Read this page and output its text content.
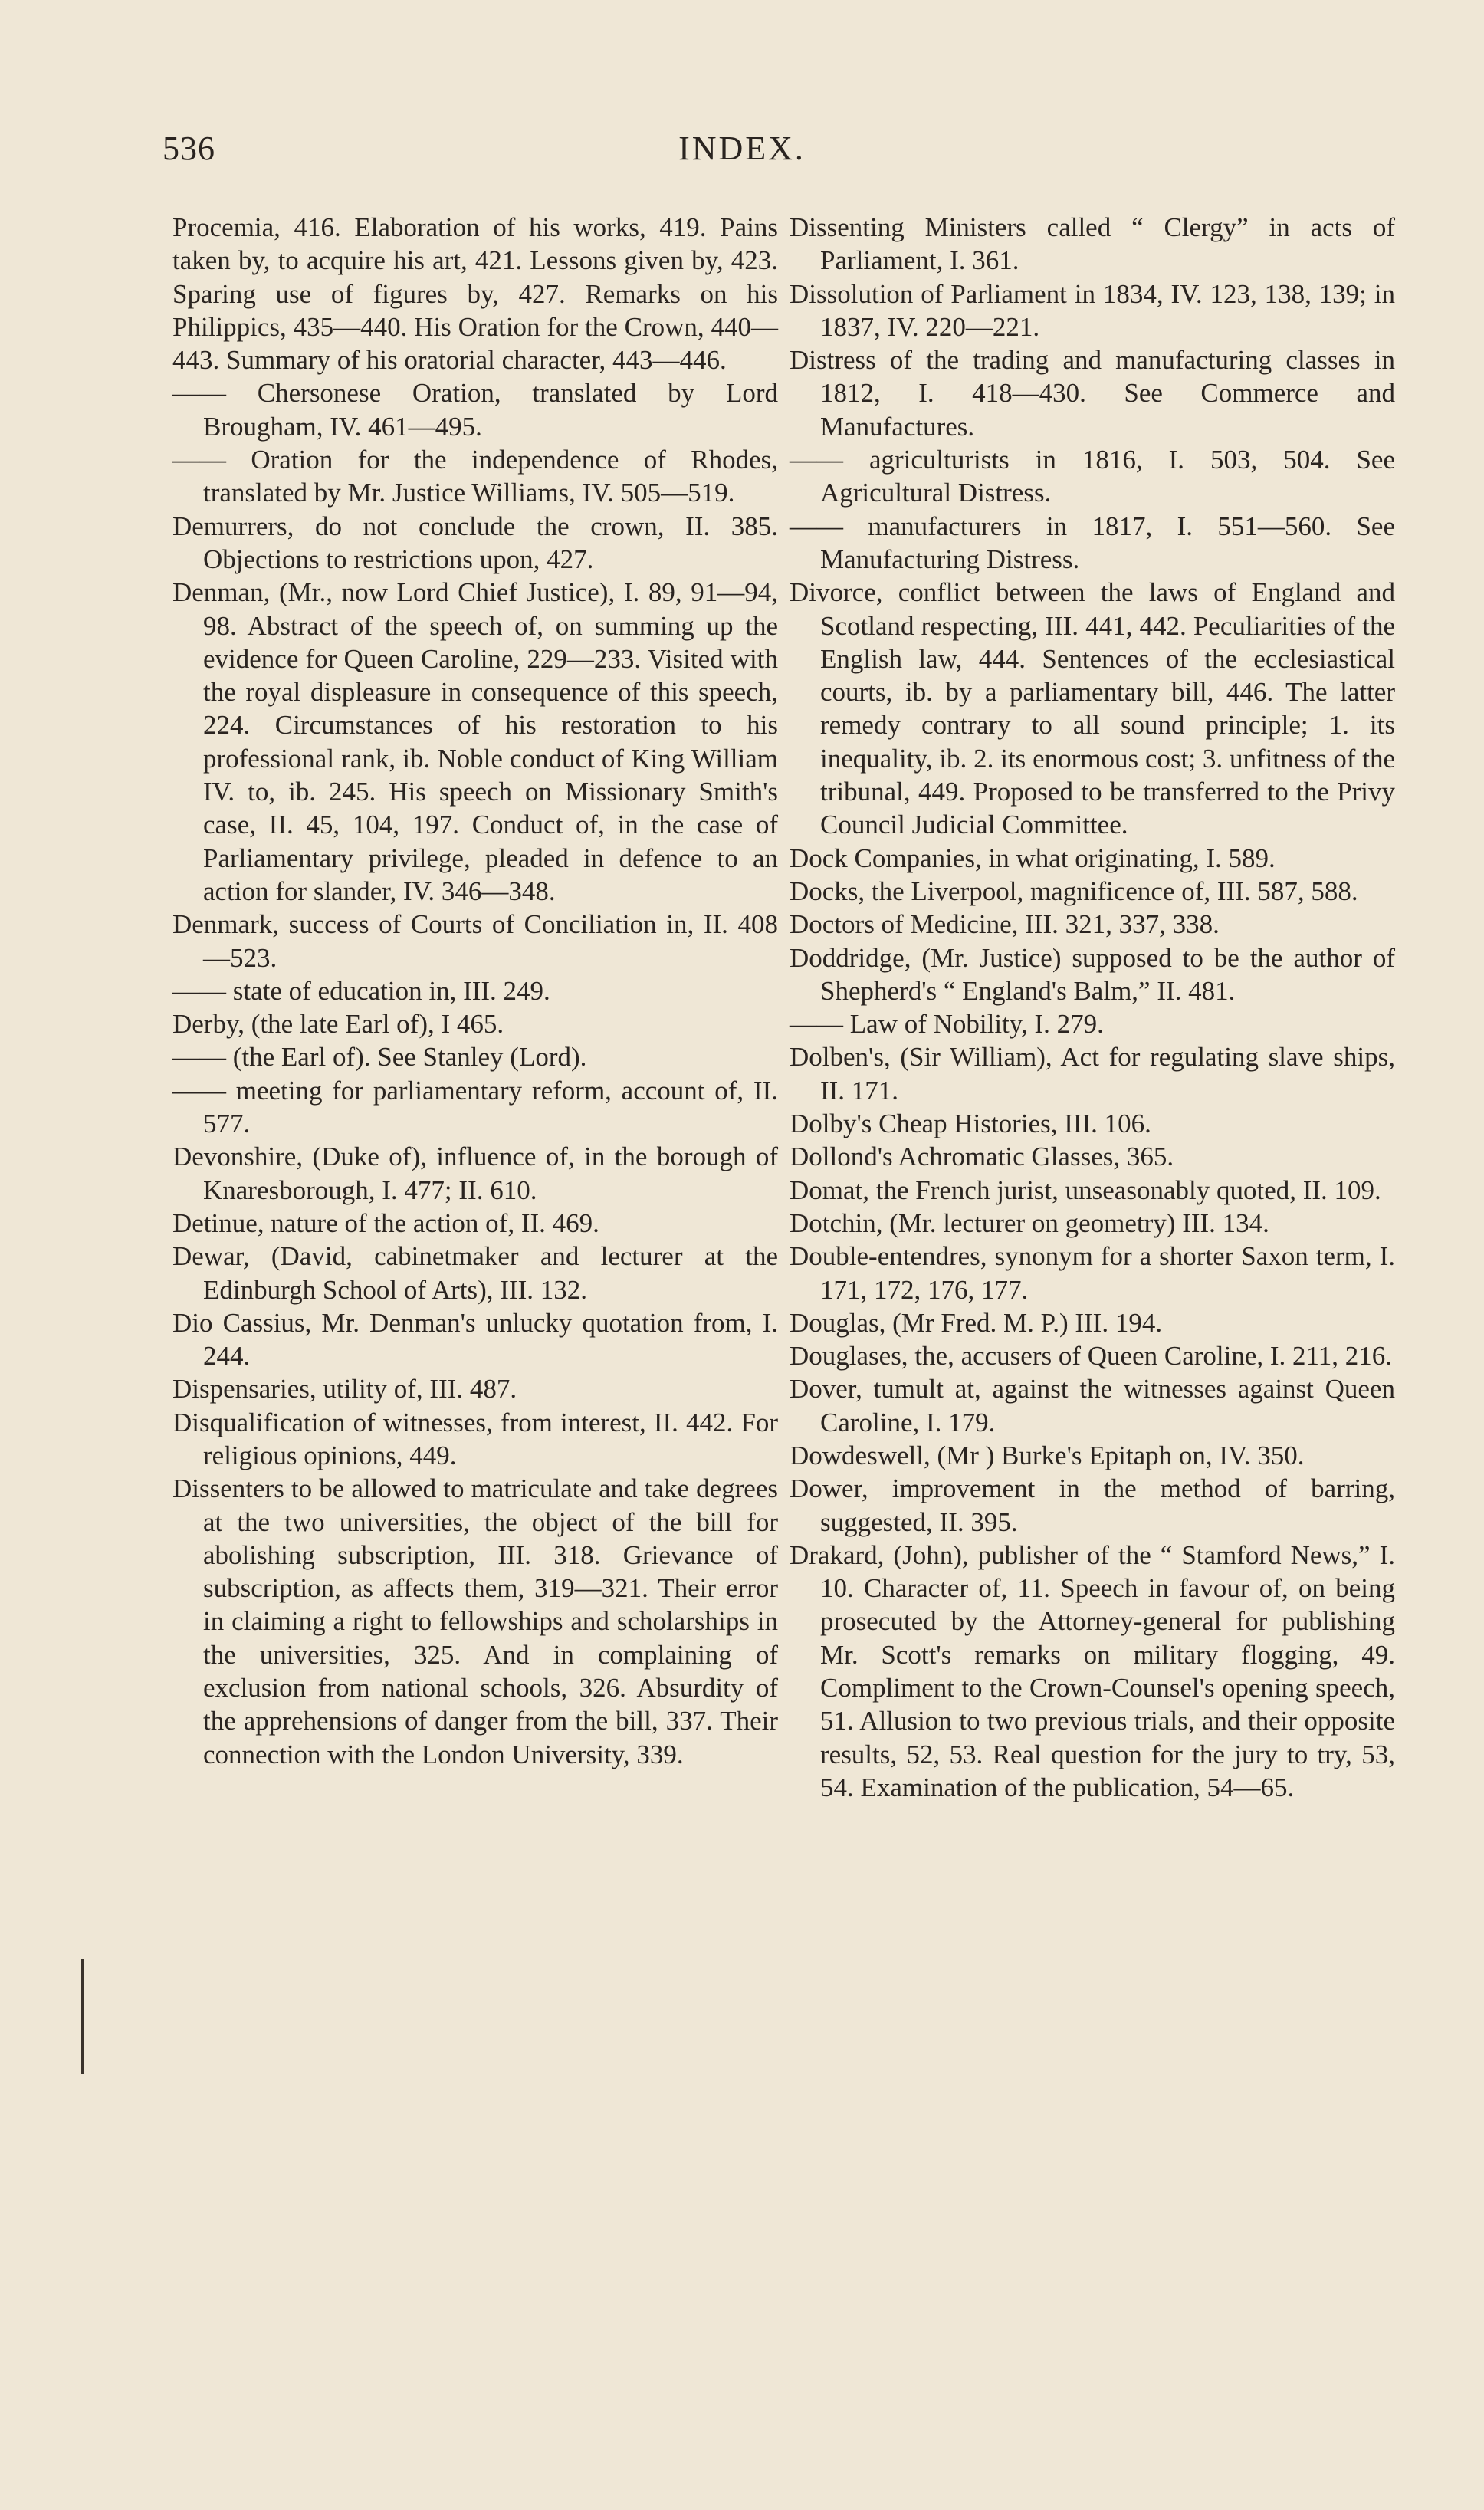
536	INDEX.

Procemia, 416. Elaboration of his works, 419. Pains taken by, to acquire his art, 421. Lessons given by, 423. Sparing use of figures by, 427. Remarks on his Philippics, 435—440. His Oration for the Crown, 440—443. Summary of his oratorial character, 443—446.

—— Chersonese Oration, translated by Lord Brougham, IV. 461—495.

—— Oration for the independence of Rhodes, translated by Mr. Justice Williams, IV. 505—519.

Demurrers, do not conclude the crown, II. 385. Objections to restrictions upon, 427.

Denman, (Mr., now Lord Chief Justice), I. 89, 91—94, 98. Abstract of the speech of, on summing up the evidence for Queen Caroline, 229—233. Visited with the royal displeasure in consequence of this speech, 224. Circumstances of his restoration to his professional rank, ib. Noble conduct of King William IV. to, ib. 245. His speech on Missionary Smith's case, II. 45, 104, 197. Conduct of, in the case of Parliamentary privilege, pleaded in defence to an action for slander, IV. 346—348.

Denmark, success of Courts of Conciliation in, II. 408—523.

—— state of education in, III. 249.

Derby, (the late Earl of), I 465.

—— (the Earl of). See Stanley (Lord).

—— meeting for parliamentary reform, account of, II. 577.

Devonshire, (Duke of), influence of, in the borough of Knaresborough, I. 477; II. 610.

Detinue, nature of the action of, II. 469.

Dewar, (David, cabinetmaker and lecturer at the Edinburgh School of Arts), III. 132.

Dio Cassius, Mr. Denman's unlucky quotation from, I. 244.

Dispensaries, utility of, III. 487.

Disqualification of witnesses, from interest, II. 442. For religious opinions, 449.

Dissenters to be allowed to matriculate and take degrees at the two universities, the object of the bill for abolishing subscription, III. 318. Grievance of subscription, as affects them, 319—321. Their error in claiming a right to fellowships and scholarships in the universities, 325. And in complaining of exclusion from national schools, 326. Absurdity of the apprehensions of danger from the bill, 337. Their connection with the London University, 339.

Dissenting Ministers called “ Clergy” in acts of Parliament, I. 361.

Dissolution of Parliament in 1834, IV. 123, 138, 139; in 1837, IV. 220—221.

Distress of the trading and manufacturing classes in 1812, I. 418—430. See Commerce and Manufactures.

—— agriculturists in 1816, I. 503, 504. See Agricultural Distress.

—— manufacturers in 1817, I. 551—560. See Manufacturing Distress.

Divorce, conflict between the laws of England and Scotland respecting, III. 441, 442. Peculiarities of the English law, 444. Sentences of the ecclesiastical courts, ib. by a parliamentary bill, 446. The latter remedy contrary to all sound principle; 1. its inequality, ib. 2. its enormous cost; 3. unfitness of the tribunal, 449. Proposed to be transferred to the Privy Council Judicial Committee.

Dock Companies, in what originating, I. 589.

Docks, the Liverpool, magnificence of, III. 587, 588.

Doctors of Medicine, III. 321, 337, 338.

Doddridge, (Mr. Justice) supposed to be the author of Shepherd's “ England's Balm,” II. 481.

—— Law of Nobility, I. 279.

Dolben's, (Sir William), Act for regulating slave ships, II. 171.

Dolby's Cheap Histories, III. 106.

Dollond's Achromatic Glasses, 365.

Domat, the French jurist, unseasonably quoted, II. 109.

Dotchin, (Mr. lecturer on geometry) III. 134.

Double-entendres, synonym for a shorter Saxon term, I. 171, 172, 176, 177.

Douglas, (Mr Fred. M. P.) III. 194.

Douglases, the, accusers of Queen Caroline, I. 211, 216.

Dover, tumult at, against the witnesses against Queen Caroline, I. 179.

Dowdeswell, (Mr ) Burke's Epitaph on, IV. 350.

Dower, improvement in the method of barring, suggested, II. 395.

Drakard, (John), publisher of the “ Stamford News,” I. 10. Character of, 11. Speech in favour of, on being prosecuted by the Attorney-general for publishing Mr. Scott's remarks on military flogging, 49. Compliment to the Crown-Counsel's opening speech, 51. Allusion to two previous trials, and their opposite results, 52, 53. Real question for the jury to try, 53, 54. Examination of the publication, 54—65.
